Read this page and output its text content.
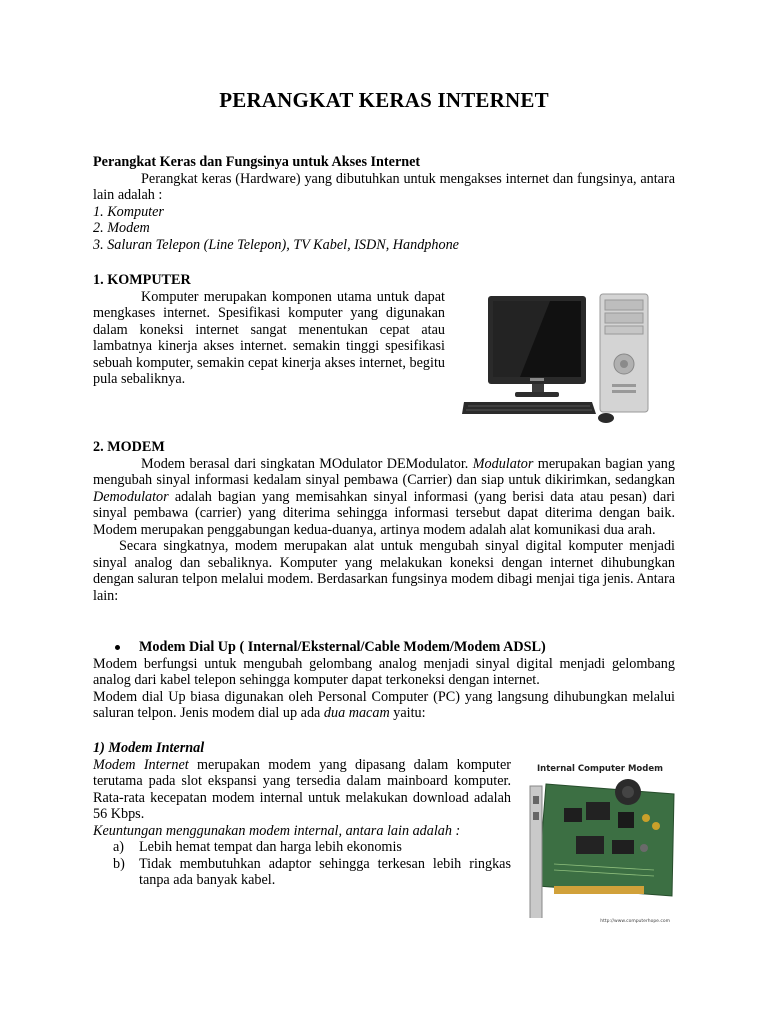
PERANGKAT KERAS INTERNET
Perangkat Keras dan Fungsinya untuk Akses Internet
Perangkat keras (Hardware) yang dibutuhkan untuk mengakses internet dan fungsinya, antara lain adalah :
1. Komputer
2. Modem
3. Saluran Telepon (Line Telepon), TV Kabel, ISDN, Handphone
1. KOMPUTER
Komputer merupakan komponen utama untuk dapat mengkases internet. Spesifikasi komputer yang digunakan dalam koneksi internet sangat menentukan cepat atau lambatnya kinerja akses internet. semakin tinggi spesifikasi sebuah komputer, semakin cepat kinerja akses internet, begitu pula sebaliknya.
2. MODEM
Modem berasal dari singkatan MOdulator DEModulator. Modulator merupakan bagian yang mengubah sinyal informasi kedalam sinyal pembawa (Carrier) dan siap untuk dikirimkan, sedangkan Demodulator adalah bagian yang memisahkan sinyal informasi (yang berisi data atau pesan) dari sinyal pembawa (carrier) yang diterima sehingga informasi tersebut dapat diterima dengan baik. Modem merupakan penggabungan kedua-duanya, artinya modem adalah alat komunikasi dua arah.
Secara singkatnya, modem merupakan alat untuk mengubah sinyal digital komputer menjadi sinyal analog dan sebaliknya. Komputer yang melakukan koneksi dengan internet dihubungkan dengan saluran telpon melalui modem. Berdasarkan fungsinya modem dibagi menjai tiga jenis. Antara lain:
Modem Dial Up ( Internal/Eksternal/Cable Modem/Modem ADSL)
Modem berfungsi untuk mengubah gelombang analog menjadi sinyal digital menjadi gelombang analog dari kabel telepon sehingga komputer dapat terkoneksi dengan internet.
Modem dial Up biasa digunakan oleh Personal Computer (PC) yang langsung dihubungkan melalui saluran telpon. Jenis modem dial up ada dua macam yaitu:
1) Modem Internal
Modem Internet merupakan modem yang dipasang dalam komputer terutama pada slot ekspansi yang tersedia dalam mainboard komputer. Rata-rata kecepatan modem internal untuk melakukan download adalah 56 Kbps.
Keuntungan menggunakan modem internal, antara lain adalah :
a) Lebih hemat tempat dan harga lebih ekonomis
b) Tidak membutuhkan adaptor sehingga terkesan lebih ringkas tanpa ada banyak kabel.
Internal Computer Modem
http://www.computerhope.com
